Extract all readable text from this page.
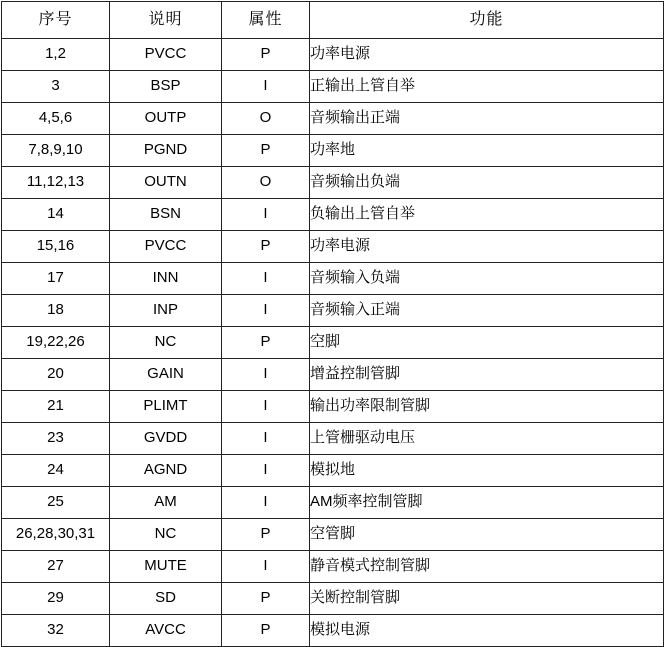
序号	说明	属性	功能
1,2	PVCC	P	功率电源
3	BSP	I	正输出上管自举
4,5,6	OUTP	O	音频输出正端
7,8,9,10	PGND	P	功率地
11,12,13	OUTN	O	音频输出负端
14	BSN	I	负输出上管自举
15,16	PVCC	P	功率电源
17	INN	I	音频输入负端
18	INP	I	音频输入正端
19,22,26	NC	P	空脚
20	GAIN	I	增益控制管脚
21	PLIMT	I	输出功率限制管脚
23	GVDD	I	上管栅驱动电压
24	AGND	I	模拟地
25	AM	I	AM频率控制管脚
26,28,30,31	NC	P	空管脚
27	MUTE	I	静音模式控制管脚
29	SD	P	关断控制管脚
32	AVCC	P	模拟电源
